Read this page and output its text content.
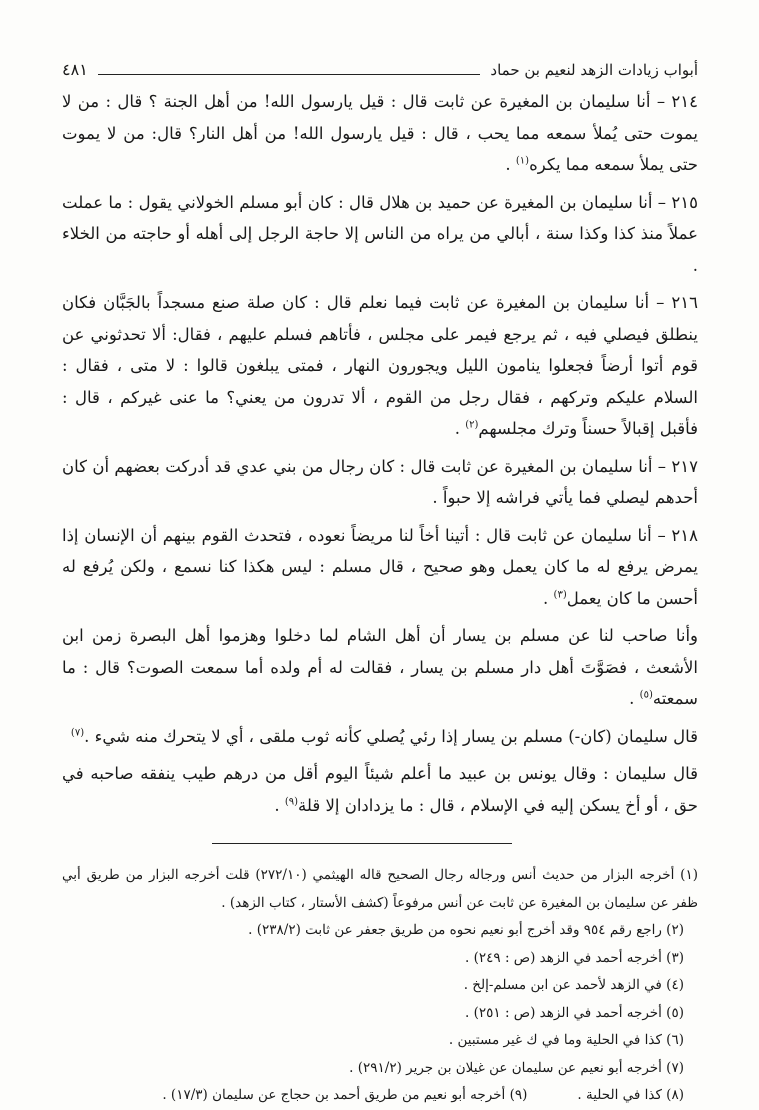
أبواب زيادات الزهد لنعيم بن حماد
٤٨١

٢١٤ – أنا سليمان بن المغيرة عن ثابت قال : قيل يارسول الله! من أهل الجنة ؟ قال : من لا يموت حتى يُملأ سمعه مما يحب ، قال : قيل يارسول الله! من أهل النار؟ قال: من لا يموت حتى يملأ سمعه مما يكره$^{(١)}$ .

٢١٥ – أنا سليمان بن المغيرة عن حميد بن هلال قال : كان أبو مسلم الخولاني يقول : ما عملت عملاً منذ كذا وكذا سنة ، أبالي من يراه من الناس إلا حاجة الرجل إلى أهله أو حاجته من الخلاء .

٢١٦ – أنا سليمان بن المغيرة عن ثابت فيما نعلم قال : كان صلة صنع مسجداً بالجَبَّان فكان ينطلق فيصلي فيه ، ثم يرجع فيمر على مجلس ، فأتاهم فسلم عليهم ، فقال: ألا تحدثوني عن قوم أتوا أرضاً فجعلوا ينامون الليل ويجورون النهار ، فمتى يبلغون قالوا : لا متى ، فقال : السلام عليكم وتركهم ، فقال رجل من القوم ، ألا تدرون من يعني؟ ما عنى غيركم ، قال : فأقبل إقبالاً حسناً وترك مجلسهم$^{(٢)}$ .

٢١٧ – أنا سليمان بن المغيرة عن ثابت قال : كان رجال من بني عدي قد أدركت بعضهم أن كان أحدهم ليصلي فما يأتي فراشه إلا حبواً .

٢١٨ – أنا سليمان عن ثابت قال : أتينا أخاً لنا مريضاً نعوده ، فتحدث القوم بينهم أن الإنسان إذا يمرض يرفع له ما كان يعمل وهو صحيح ، قال مسلم : ليس هكذا كنا نسمع ، ولكن يُرفع له أحسن ما كان يعمل$^{(٣)}$ .

وأنا صاحب لنا عن مسلم بن يسار أن أهل الشام لما دخلوا وهزموا أهل البصرة زمن ابن الأشعث ، فصَوَّتَ أهل دار مسلم بن يسار ، فقالت له أم ولده أما سمعت الصوت؟ قال : ما سمعته$^{(٥)}$ .

قال سليمان (كان-) مسلم بن يسار إذا رئي يُصلي كأنه ثوب ملقى ، أي لا يتحرك منه شيء .$^{(٧)}$

قال سليمان : وقال يونس بن عبيد ما أعلم شيئاً اليوم أقل من درهم طيب ينفقه صاحبه في حق ، أو أخ يسكن إليه في الإسلام ، قال : ما يزدادان إلا قلة$^{(٩)}$ .

(١) أخرجه البزار من حديث أنس ورجاله رجال الصحيح قاله الهيثمي (٢٧٢/١٠) قلت أخرجه البزار من طريق أبي ظفر عن سليمان بن المغيرة عن ثابت عن أنس مرفوعاً (كشف الأستار ، كتاب الزهد) .

(٢) راجع رقم ٩٥٤ وقد أخرج أبو نعيم نحوه من طريق جعفر عن ثابت (٢٣٨/٢) .

(٣) أخرجه أحمد في الزهد (ص : ٢٤٩) .

(٤) في الزهد لأحمد عن ابن مسلم-إلخ .

(٥) أخرجه أحمد في الزهد (ص : ٢٥١) .

(٦) كذا في الحلية وما في ك غير مستبين .

(٧) أخرجه أبو نعيم عن سليمان عن غيلان بن جرير (٢٩١/٢) .

(٨) كذا في الحلية .
(٩) أخرجه أبو نعيم من طريق أحمد بن حجاج عن سليمان (١٧/٣) .
